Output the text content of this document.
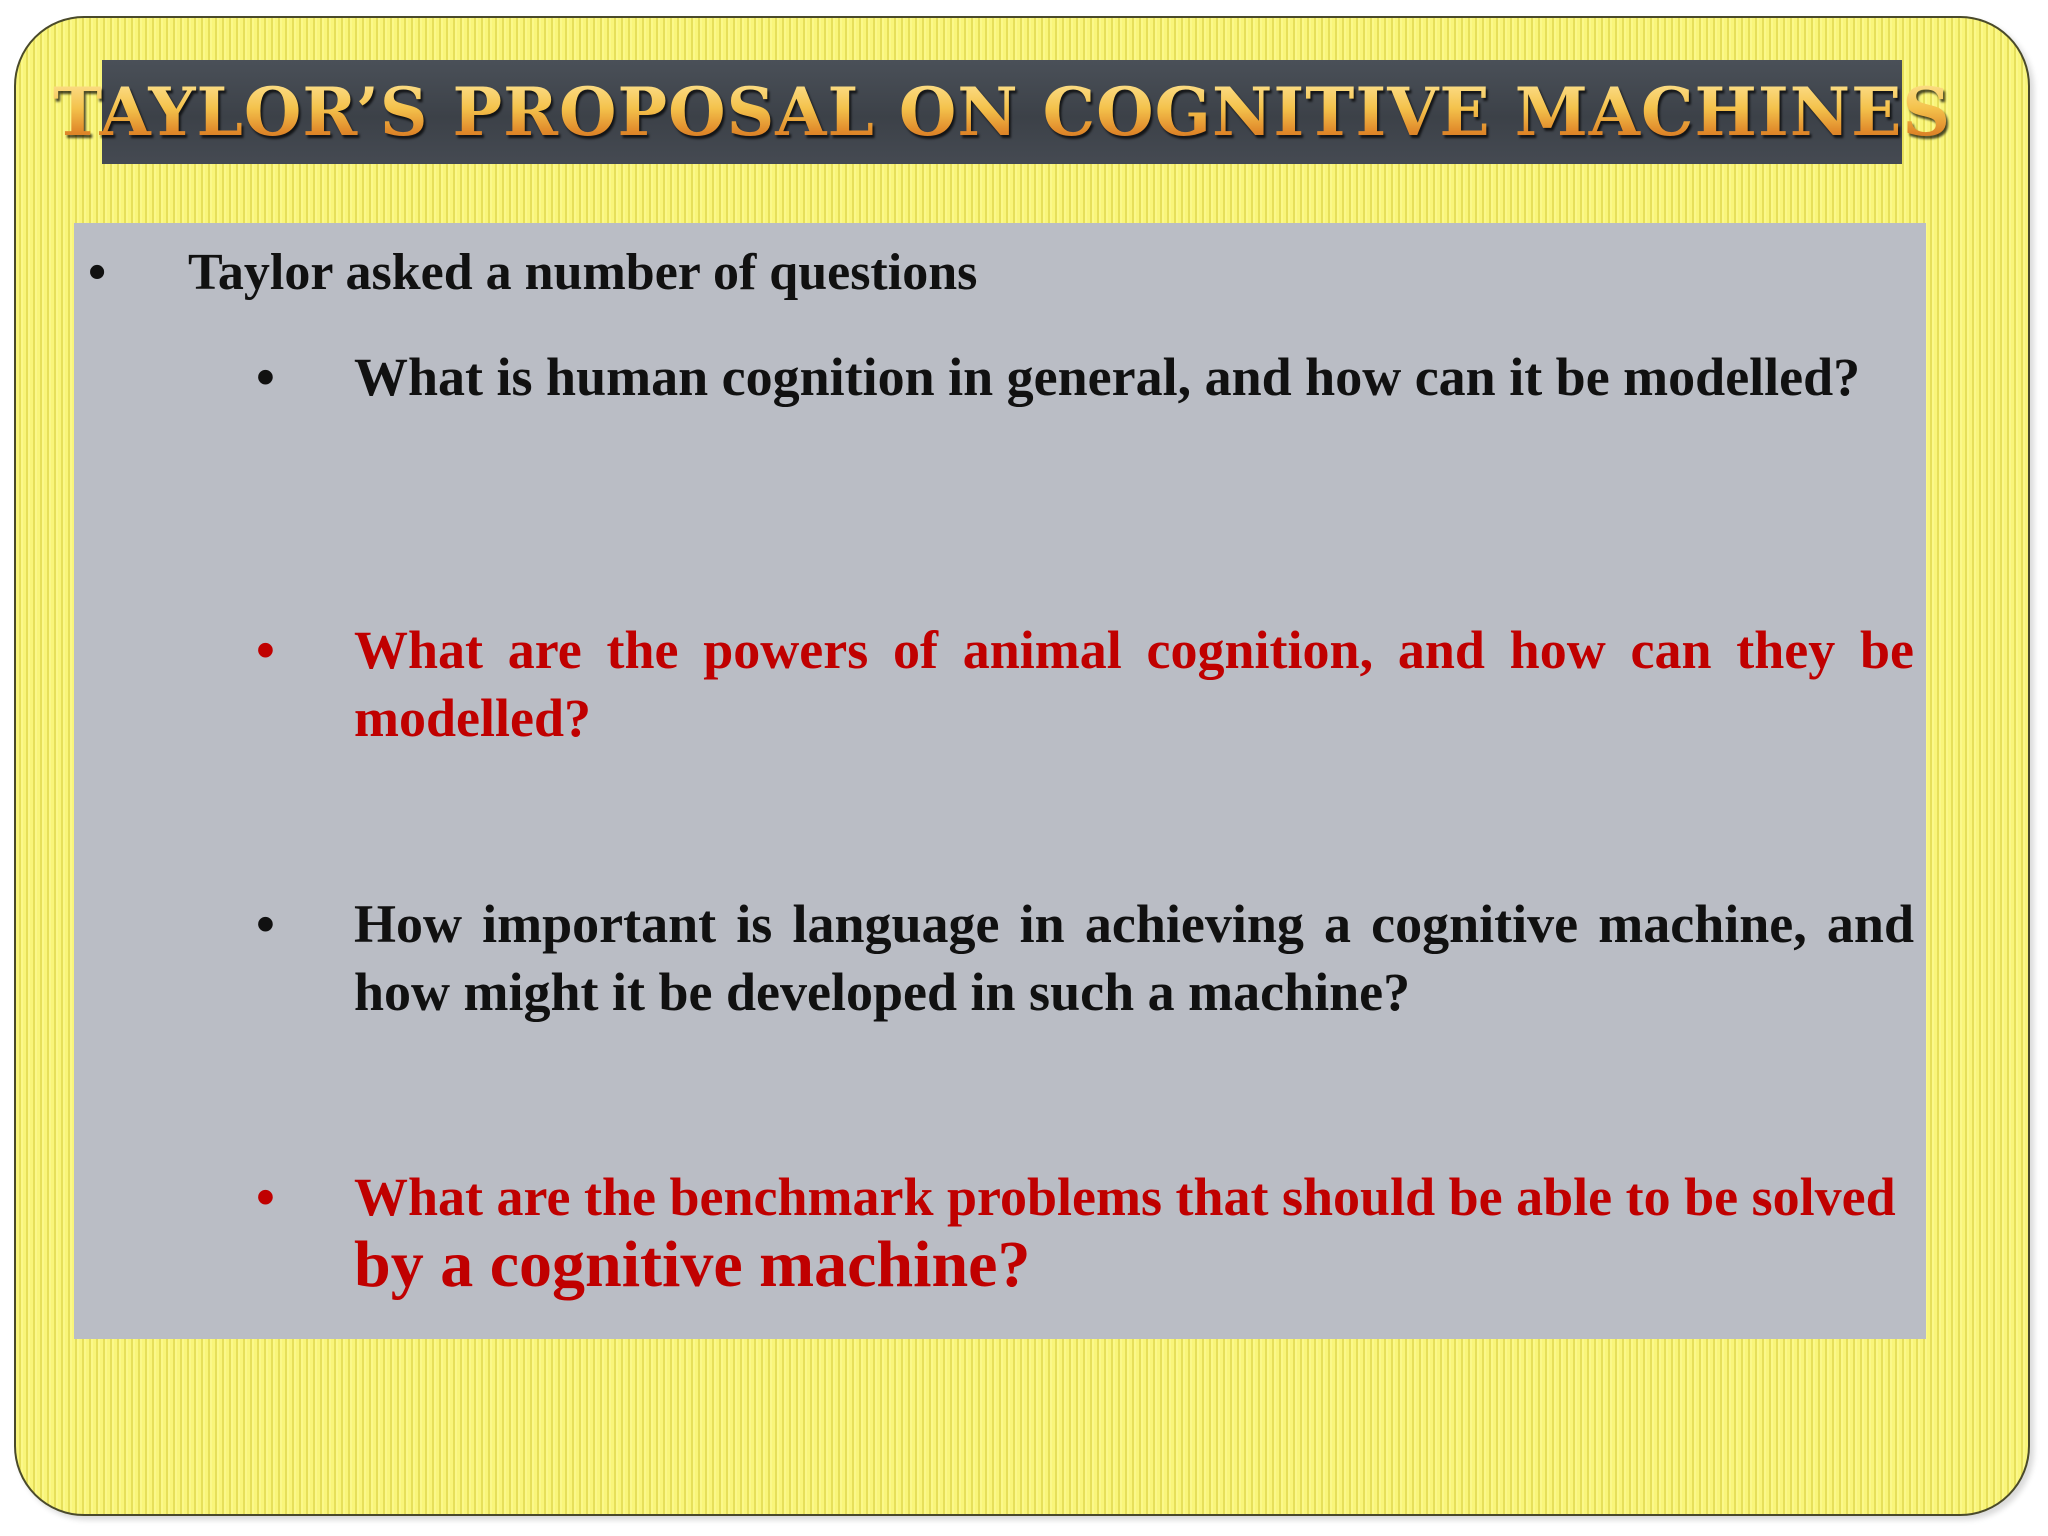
TAYLOR’S PROPOSAL ON COGNITIVE MACHINES
• Taylor asked a number of questions
• What is human cognition in general, and how can it be modelled?
• What are the powers of animal cognition, and how can they be modelled?
• How important is language in achieving a cognitive machine, and how might it be developed in such a machine?
• What are the benchmark problems that should be able to be solved by a cognitive machine?
